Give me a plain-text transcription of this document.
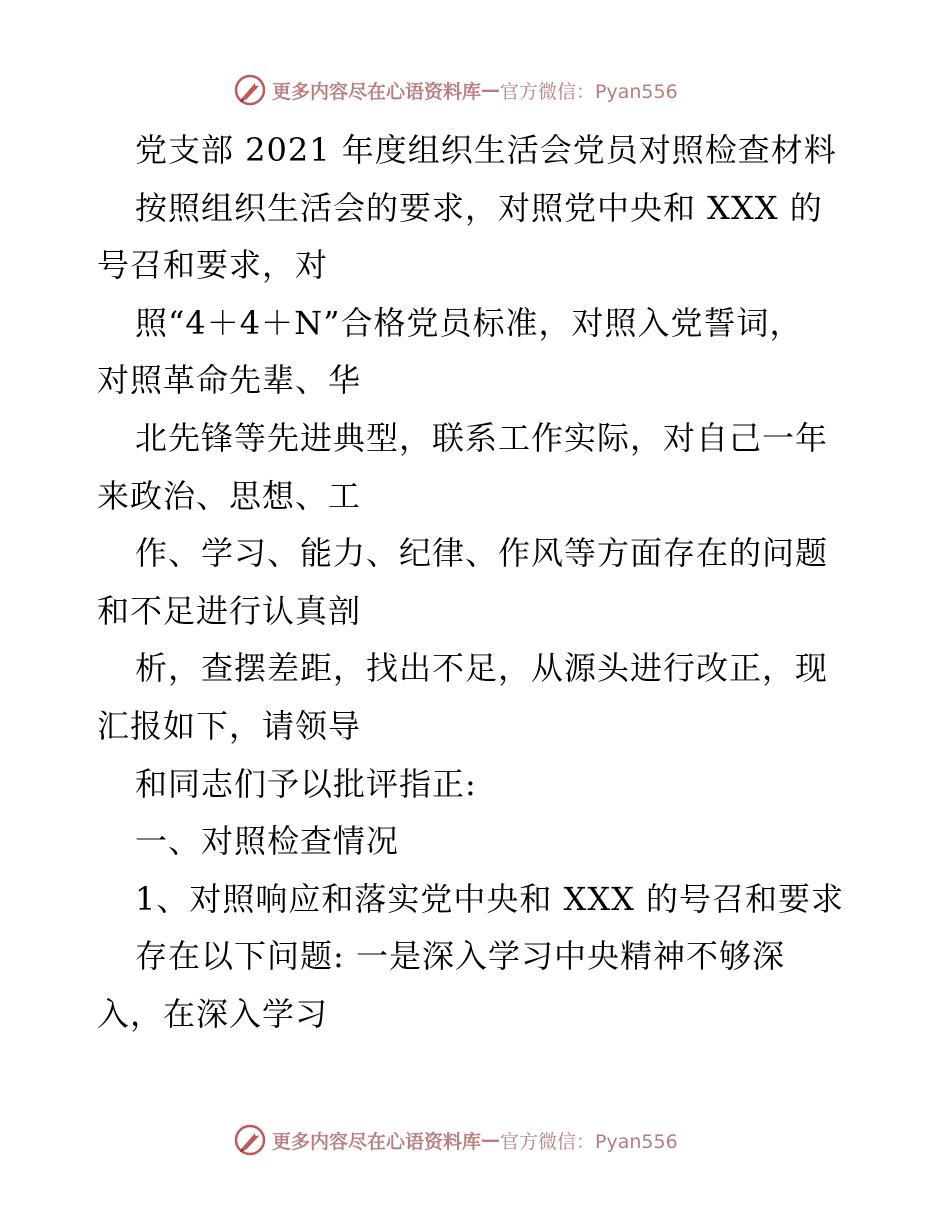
更多内容尽在心语资料库 — 官方微信：Pyan556
党支部 2021 年度组织生活会党员对照检查材料
按照组织生活会的要求，对照党中央和 XXX 的
号召和要求，对
照“4＋4＋N”合格党员标准，对照入党誓词，
对照革命先辈、华
北先锋等先进典型，联系工作实际，对自己一年
来政治、思想、工
作、学习、能力、纪律、作风等方面存在的问题
和不足进行认真剖
析，查摆差距，找出不足，从源头进行改正，现
汇报如下，请领导
和同志们予以批评指正:
一、对照检查情况
1、对照响应和落实党中央和 XXX 的号召和要求
存在以下问题: 一是深入学习中央精神不够深
入，在深入学习
更多内容尽在心语资料库 — 官方微信：Pyan556
